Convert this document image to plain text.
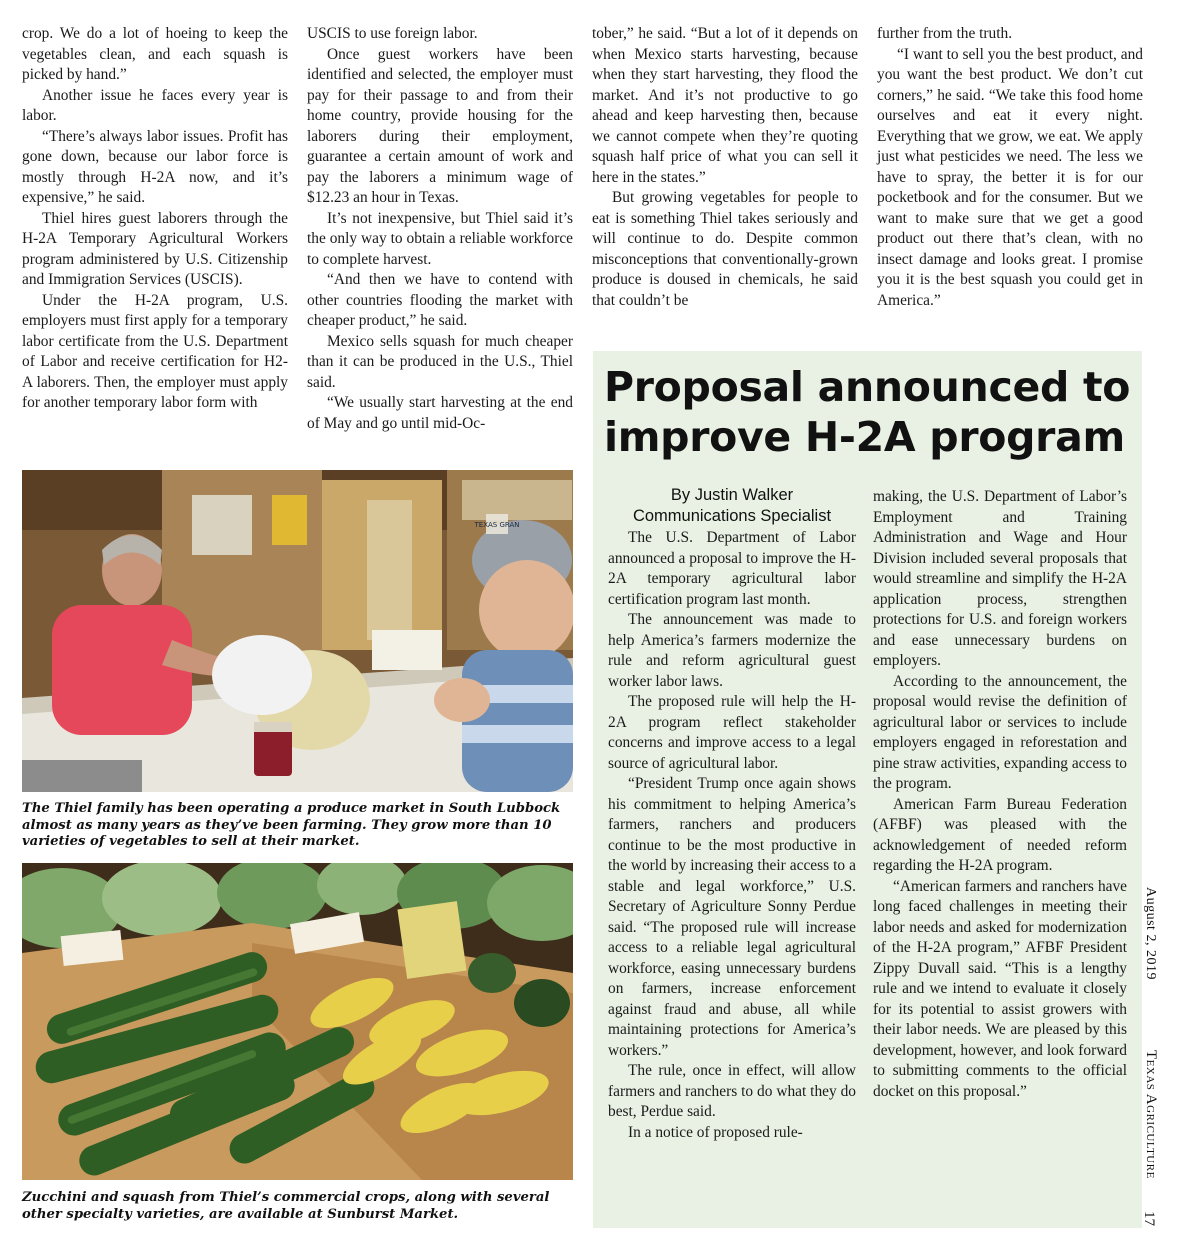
crop. We do a lot of hoeing to keep the vegetables clean, and each squash is picked by hand.”

Another issue he faces every year is labor.

“There’s always labor issues. Profit has gone down, because our labor force is mostly through H-2A now, and it’s expensive,” he said.

Thiel hires guest laborers through the H-2A Temporary Agricultural Workers program administered by U.S. Citizenship and Immigration Services (USCIS).

Under the H-2A program, U.S. employers must first apply for a temporary labor certificate from the U.S. Department of Labor and receive certification for H2-A laborers. Then, the employer must apply for another temporary labor form with

USCIS to use foreign labor.

Once guest workers have been identified and selected, the employer must pay for their passage to and from their home country, provide housing for the laborers during their employment, guarantee a certain amount of work and pay the laborers a minimum wage of $12.23 an hour in Texas.

It’s not inexpensive, but Thiel said it’s the only way to obtain a reliable workforce to complete harvest.

“And then we have to contend with other countries flooding the market with cheaper product,” he said.

Mexico sells squash for much cheaper than it can be produced in the U.S., Thiel said.

“We usually start harvesting at the end of May and go until mid-Oc-

tober,” he said. “But a lot of it depends on when Mexico starts harvesting, because when they start harvesting, they flood the market. And it’s not productive to go ahead and keep harvesting then, because we cannot compete when they’re quoting squash half price of what you can sell it here in the states.”

But growing vegetables for people to eat is something Thiel takes seriously and will continue to do. Despite common misconceptions that conventionally-grown produce is doused in chemicals, he said that couldn’t be

further from the truth.

“I want to sell you the best product, and you want the best product. We don’t cut corners,” he said. “We take this food home ourselves and eat it every night. Everything that we grow, we eat. We apply just what pesticides we need. The less we have to spray, the better it is for our pocketbook and for the consumer. But we want to make sure that we get a good product out there that’s clean, with no insect damage and looks great. I promise you it is the best squash you could get in America.”

TEXAS GRAN
The Thiel family has been operating a produce market in South Lubbock almost as many years as they’ve been farming. They grow more than 10 varieties of vegetables to sell at their market.
Zucchini and squash from Thiel’s commercial crops, along with several other specialty varieties, are available at Sunburst Market.
Proposal announced to improve H-2A program
By Justin Walker
Communications Specialist

The U.S. Department of Labor announced a proposal to improve the H-2A temporary agricultural labor certification program last month.

The announcement was made to help America’s farmers modernize the rule and reform agricultural guest worker labor laws.

The proposed rule will help the H-2A program reflect stakeholder concerns and improve access to a legal source of agricultural labor.

“President Trump once again shows his commitment to helping America’s farmers, ranchers and producers continue to be the most productive in the world by increasing their access to a stable and legal workforce,” U.S. Secretary of Agriculture Sonny Perdue said. “The proposed rule will increase access to a reliable legal agricultural workforce, easing unnecessary burdens on farmers, increase enforcement against fraud and abuse, all while maintaining protections for America’s workers.”

The rule, once in effect, will allow farmers and ranchers to do what they do best, Perdue said.

In a notice of proposed rule-

making, the U.S. Department of Labor’s Employment and Training Administration and Wage and Hour Division included several proposals that would streamline and simplify the H-2A application process, strengthen protections for U.S. and foreign workers and ease unnecessary burdens on employers.

According to the announcement, the proposal would revise the definition of agricultural labor or services to include employers engaged in reforestation and pine straw activities, expanding access to the program.

American Farm Bureau Federation (AFBF) was pleased with the acknowledgement of needed reform regarding the H-2A program.

“American farmers and ranchers have long faced challenges in meeting their labor needs and asked for modernization of the H-2A program,” AFBF President Zippy Duvall said. “This is a lengthy rule and we intend to evaluate it closely for its potential to assist growers with their labor needs. We are pleased by this development, however, and look forward to submitting comments to the official docket on this proposal.”

August 2, 2019
Texas Agriculture
17
